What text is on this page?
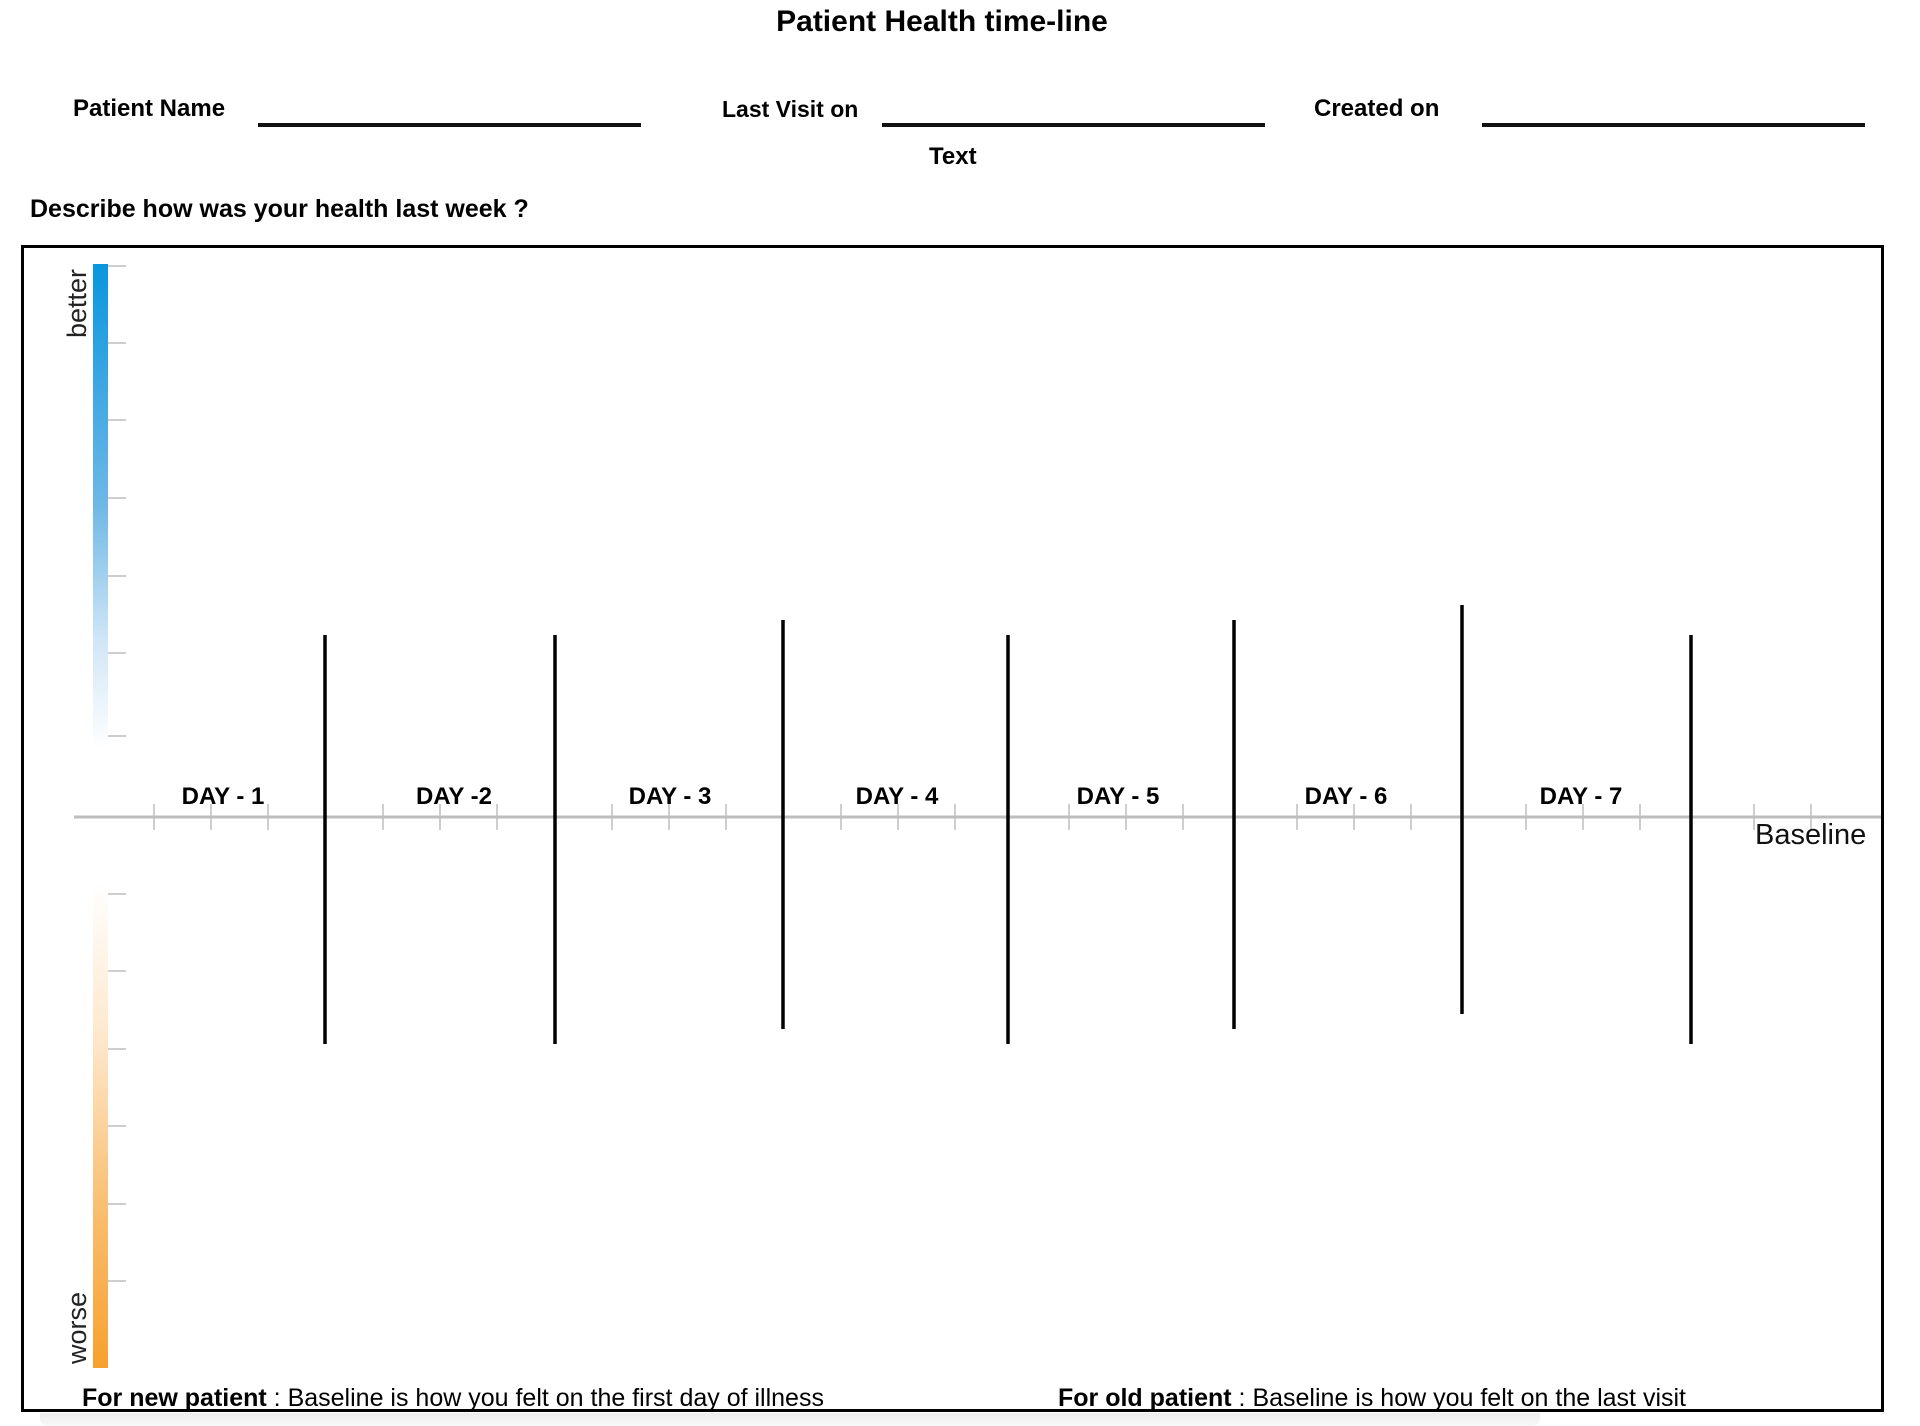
Patient Health time-line
Patient Name	Last Visit on
Text
Created on
Describe how was your health last week ?
DAY - 1	DAY -2	DAY - 3	DAY - 4	DAY - 5	DAY - 6	DAY - 7
better
worse
Baseline
For new patient : Baseline is how you felt on the first day of illness	For old patient : Baseline is how you felt on the last visit
